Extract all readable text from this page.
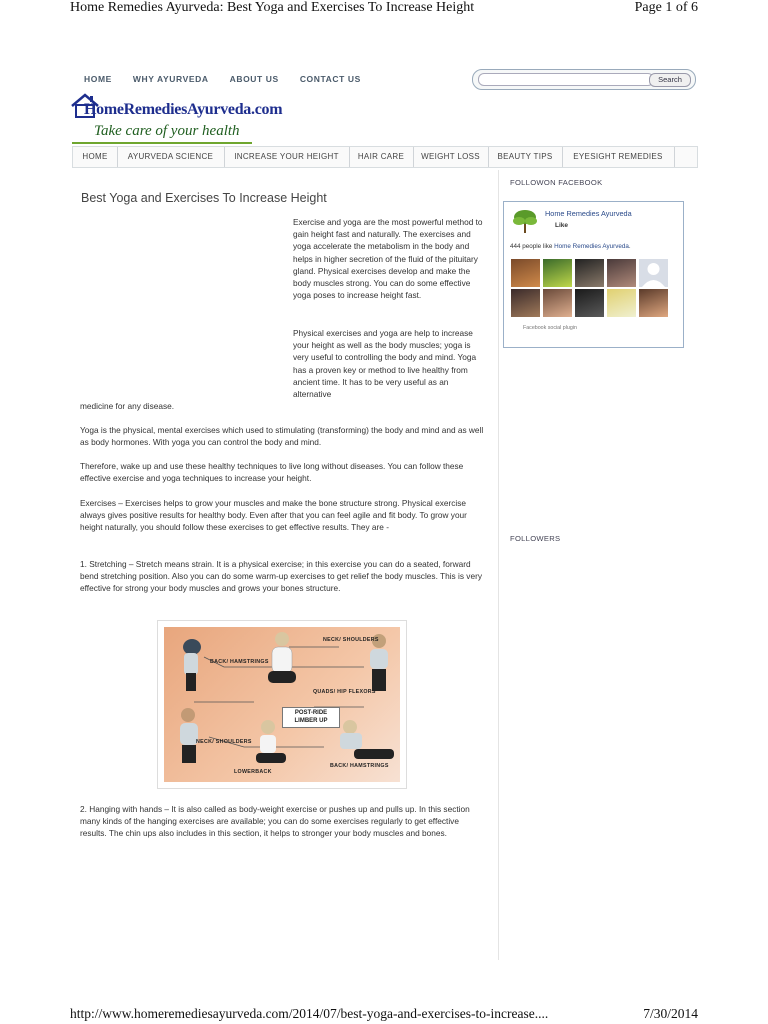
Home Remedies Ayurveda: Best Yoga and Exercises To Increase Height	Page 1 of 6
http://www.homeremediesayurveda.com/2014/07/best-yoga-and-exercises-to-increase....	7/30/2014
HOME WHY AYURVEDA ABOUT US CONTACT US	Search
HomeRemediesAyurveda.com
Take care of your health
HOME	AYURVEDA SCIENCE	INCREASE YOUR HEIGHT	HAIR CARE	WEIGHT LOSS	BEAUTY TIPS	EYESIGHT REMEDIES
Best Yoga and Exercises To Increase Height
Exercise and yoga are the most powerful method to gain height fast and naturally. The exercises and yoga accelerate the metabolism in the body and helps in higher secretion of the fluid of the pituitary gland. Physical exercises develop and make the body muscles strong. You can do some effective yoga poses to increase height fast.
Physical exercises and yoga are help to increase your height as well as the body muscles; yoga is very useful to controlling the body and mind. Yoga has a proven key or method to live healthy from ancient time. It has to be very useful as an alternative
medicine for any disease.
Yoga is the physical, mental exercises which used to stimulating (transforming) the body and mind and as well as body hormones. With yoga you can control the body and mind.
Therefore, wake up and use these healthy techniques to live long without diseases. You can follow these effective exercise and yoga techniques to increase your height.
Exercises – Exercises helps to grow your muscles and make the bone structure strong. Physical exercise always gives positive results for healthy body. Even after that you can feel agile and fit body. To grow your height naturally, you should follow these exercises to get effective results. They are -
1. Stretching – Stretch means strain. It is a physical exercise; in this exercise you can do a seated, forward bend stretching position. Also you can do some warm-up exercises to get relief the body muscles. This is very effective for strong your body muscles and grows your bones structure.
BACK/ HAMSTRINGS
NECK/ SHOULDERS
QUADS/ HIP FLEXORS
NECK/ SHOULDERS
LOWERBACK
BACK/ HAMSTRINGS
POST-RIDE LIMBER UP
2. Hanging with hands – It is also called as body-weight exercise or pushes up and pulls up. In this section many kinds of the hanging exercises are available; you can do some exercises regularly to get effective results. The chin ups also includes in this section, it helps to stronger your body muscles and bones.
FOLLOWON FACEBOOK
Home Remedies Ayurveda
Like
444 people like Home Remedies Ayurveda.
Facebook social plugin
FOLLOWERS
